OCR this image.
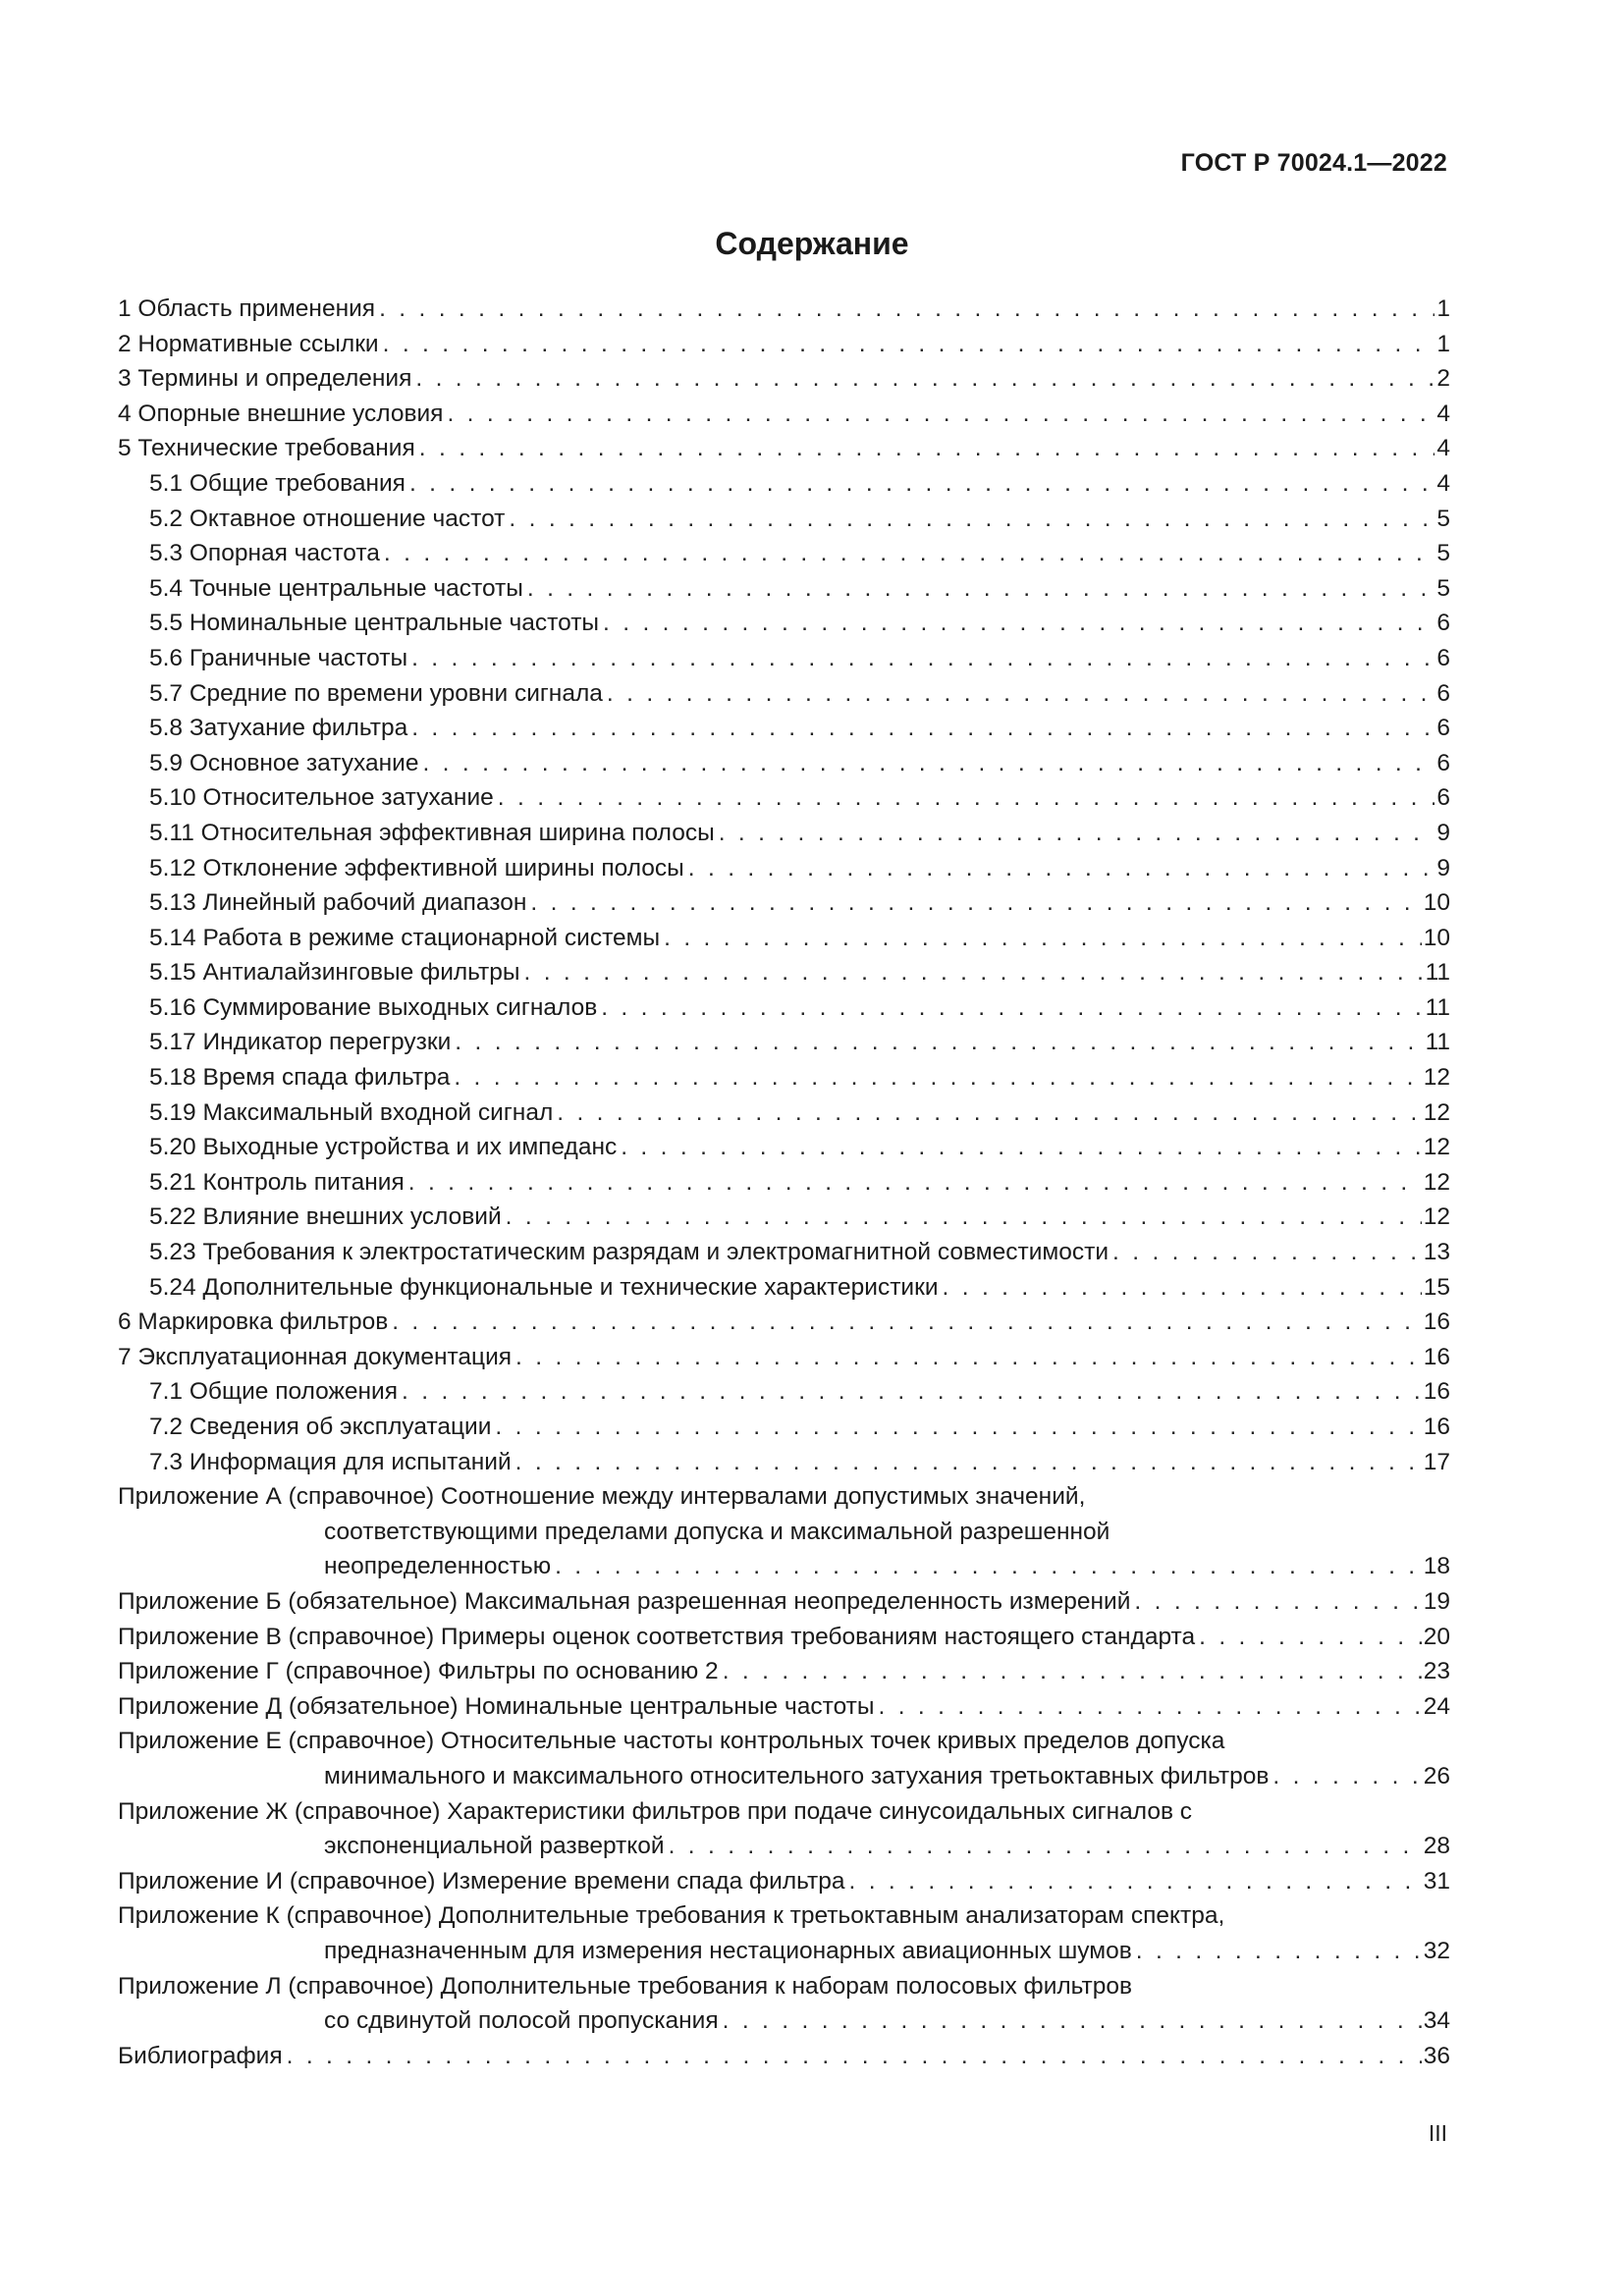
ГОСТ Р 70024.1—2022
Содержание
1 Область применения . . .	1
2 Нормативные ссылки . . .	1
3 Термины и определения . . .	2
4 Опорные внешние условия . . .	4
5 Технические требования . . .	4
5.1 Общие требования . . .	4
5.2 Октавное отношение частот . . .	5
5.3 Опорная частота . . .	5
5.4 Точные центральные частоты . . .	5
5.5 Номинальные центральные частоты . . .	6
5.6 Граничные частоты . . .	6
5.7 Средние по времени уровни сигнала . . .	6
5.8 Затухание фильтра . . .	6
5.9 Основное затухание . . .	6
5.10 Относительное затухание . . .	6
5.11 Относительная эффективная ширина полосы . . .	9
5.12 Отклонение эффективной ширины полосы . . .	9
5.13 Линейный рабочий диапазон . . .	10
5.14 Работа в режиме стационарной системы . . .	10
5.15 Антиалайзинговые фильтры . . .	11
5.16 Суммирование выходных сигналов . . .	11
5.17 Индикатор перегрузки . . .	11
5.18 Время спада фильтра . . .	12
5.19 Максимальный входной сигнал . . .	12
5.20 Выходные устройства и их импеданс . . .	12
5.21 Контроль питания . . .	12
5.22 Влияние внешних условий . . .	12
5.23 Требования к электростатическим разрядам и электромагнитной совместимости . . .	13
5.24 Дополнительные функциональные и технические характеристики . . .	15
6 Маркировка фильтров . . .	16
7 Эксплуатационная документация . . .	16
7.1 Общие положения . . .	16
7.2 Сведения об эксплуатации . . .	16
7.3 Информация для испытаний . . .	17
Приложение А (справочное) Соотношение между интервалами допустимых значений,
соответствующими пределами допуска и максимальной разрешенной
неопределенностью . . .	18
Приложение Б (обязательное) Максимальная разрешенная неопределенность измерений . . .	19
Приложение В (справочное) Примеры оценок соответствия требованиям настоящего стандарта . . .	20
Приложение Г (справочное) Фильтры по основанию 2 . . .	23
Приложение Д (обязательное) Номинальные центральные частоты . . .	24
Приложение Е (справочное) Относительные частоты контрольных точек кривых пределов допуска
минимального и максимального относительного затухания третьоктавных фильтров . . .	26
Приложение Ж (справочное) Характеристики фильтров при подаче синусоидальных сигналов с
экспоненциальной разверткой . . .	28
Приложение И (справочное) Измерение времени спада фильтра . . .	31
Приложение К (справочное) Дополнительные требования к третьоктавным анализаторам спектра,
предназначенным для измерения нестационарных авиационных шумов . . .	32
Приложение Л (справочное) Дополнительные требования к наборам полосовых фильтров
со сдвинутой полосой пропускания . . .	34
Библиография . . .	36
III
